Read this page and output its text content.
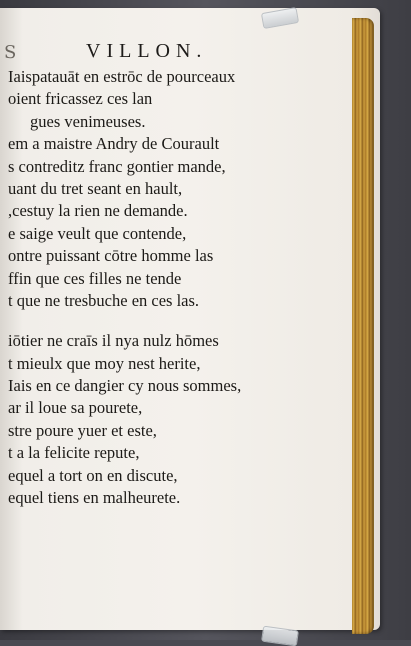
S	VILLON.
Iaispatauāt en estrōc de pourceaux
oient fricassez ces lan
gues venimeuses.
em a maistre Andry de Courault
s contreditz franc gontier mande,
uant du tret seant en hault,
,cestuy la rien ne demande.
e saige veult que contende,
ontre puissant cōtre homme las
ffin que ces filles ne tende
t que ne tresbuche en ces las.
iōtier ne craīs il nya nulz hōmes
t mieulx que moy nest herite,
Iais en ce dangier cy nous sommes,
ar il loue sa pourete,
stre poure yuer et este,
t a la felicite repute,
equel a tort on en discute,
equel tiens en malheurete.
